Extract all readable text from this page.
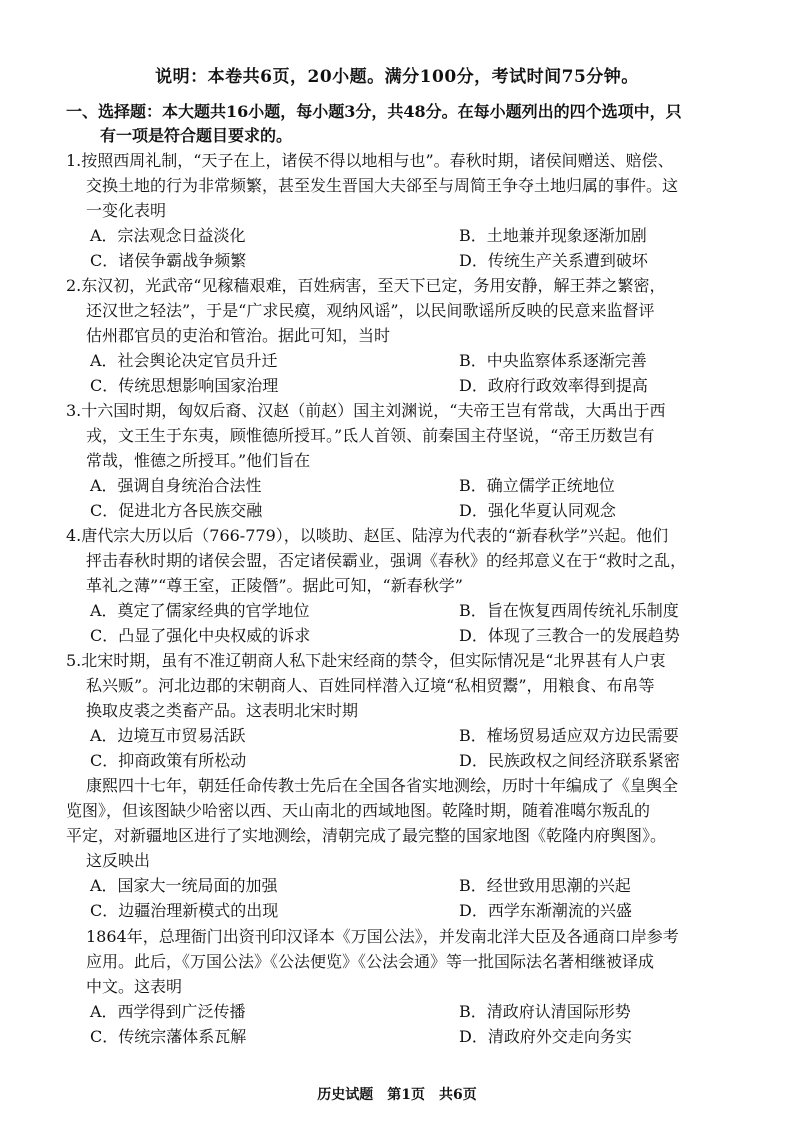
说明：本卷共6页，20小题。满分100分，考试时间75分钟。
一、选择题：本大题共16小题，每小题3分，共48分。在每小题列出的四个选项中，只
有一项是符合题目要求的。
1.按照西周礼制，“天子在上，诸侯不得以地相与也”。春秋时期，诸侯间赠送、赔偿、
交换土地的行为非常频繁，甚至发生晋国大夫郤至与周简王争夺土地归属的事件。这
一变化表明
A．宗法观念日益淡化	B．土地兼并现象逐渐加剧
C．诸侯争霸战争频繁	D．传统生产关系遭到破坏
2.东汉初，光武帝“见稼穑艰难，百姓病害，至天下已定，务用安静，解王莽之繁密，
还汉世之轻法”，于是“广求民瘼，观纳风谣”，以民间歌谣所反映的民意来监督评
估州郡官员的吏治和管治。据此可知，当时
A．社会舆论决定官员升迁	B．中央监察体系逐渐完善
C．传统思想影响国家治理	D．政府行政效率得到提高
3.十六国时期，匈奴后裔、汉赵（前赵）国主刘渊说，“夫帝王岂有常哉，大禹出于西
戎，文王生于东夷，顾惟德所授耳。”氐人首领、前秦国主苻坚说，“帝王历数岂有
常哉，惟德之所授耳。”他们旨在
A．强调自身统治合法性	B．确立儒学正统地位
C．促进北方各民族交融	D．强化华夏认同观念
4.唐代宗大历以后（766-779），以啖助、赵匡、陆淳为代表的“新春秋学”兴起。他们
抨击春秋时期的诸侯会盟，否定诸侯霸业，强调《春秋》的经邦意义在于“救时之乱，
革礼之薄”“尊王室，正陵僭”。据此可知，“新春秋学”
A．奠定了儒家经典的官学地位	B．旨在恢复西周传统礼乐制度
C．凸显了强化中央权威的诉求	D．体现了三教合一的发展趋势
5.北宋时期，虽有不准辽朝商人私下赴宋经商的禁令，但实际情况是“北界甚有人户衷
私兴贩”。河北边郡的宋朝商人、百姓同样潜入辽境“私相贸鬻”，用粮食、布帛等
换取皮裘之类畜产品。这表明北宋时期
A．边境互市贸易活跃	B．榷场贸易适应双方边民需要
C．抑商政策有所松动	D．民族政权之间经济联系紧密
康熙四十七年，朝廷任命传教士先后在全国各省实地测绘，历时十年编成了《皇舆全
览图》，但该图缺少哈密以西、天山南北的西域地图。乾隆时期，随着准噶尔叛乱的
平定，对新疆地区进行了实地测绘，清朝完成了最完整的国家地图《乾隆内府舆图》。
这反映出
A．国家大一统局面的加强	B．经世致用思潮的兴起
C．边疆治理新模式的出现	D．西学东渐潮流的兴盛
1864年，总理衙门出资刊印汉译本《万国公法》，并发南北洋大臣及各通商口岸参考
应用。此后，《万国公法》《公法便览》《公法会通》等一批国际法名著相继被译成
中文。这表明
A．西学得到广泛传播	B．清政府认清国际形势
C．传统宗藩体系瓦解	D．清政府外交走向务实
历史试题　第1页　共6页
